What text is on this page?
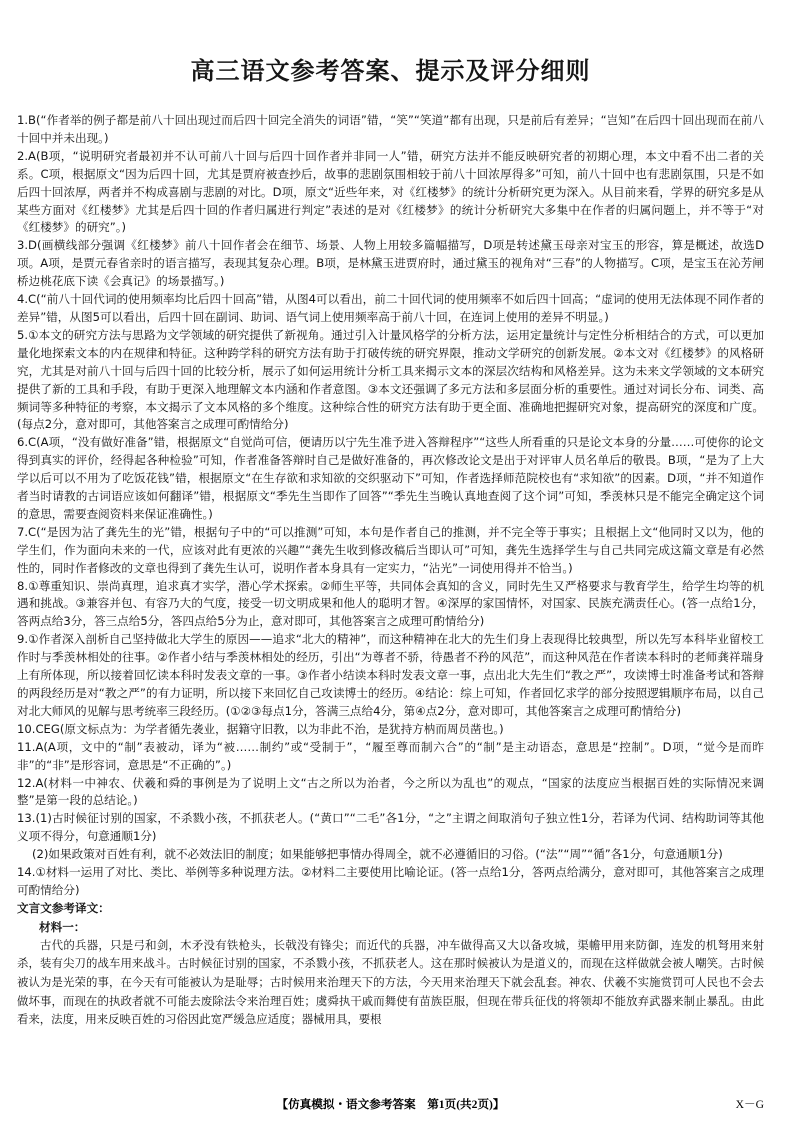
高三语文参考答案、提示及评分细则

1.B(“作者举的例子都是前八十回出现过而后四十回完全消失的词语”错，“笑”“笑道”都有出现，只是前后有差异；“岂知”在后四十回出现而在前八十回中并未出现。)

2.A(B项，“说明研究者最初并不认可前八十回与后四十回作者并非同一人”错，研究方法并不能反映研究者的初期心理，本文中看不出二者的关系。C项，根据原文“因为后四十回，尤其是贾府被查抄后，故事的悲剧氛围相较于前八十回浓厚得多”可知，前八十回中也有悲剧氛围，只是不如后四十回浓厚，两者并不构成喜剧与悲剧的对比。D项，原文“近些年来，对《红楼梦》的统计分析研究更为深入。从目前来看，学界的研究多是从某些方面对《红楼梦》尤其是后四十回的作者归属进行判定”表述的是对《红楼梦》的统计分析研究大多集中在作者的归属问题上，并不等于“对《红楼梦》的研究”。)

3.D(画横线部分强调《红楼梦》前八十回作者会在细节、场景、人物上用较多篇幅描写，D项是转述黛玉母亲对宝玉的形容，算是概述，故选D项。A项，是贾元春省亲时的语言描写，表现其复杂心理。B项，是林黛玉进贾府时，通过黛玉的视角对“三春”的人物描写。C项，是宝玉在沁芳闸桥边桃花底下读《会真记》的场景描写。)

4.C(“前八十回代词的使用频率均比后四十回高”错，从图4可以看出，前二十回代词的使用频率不如后四十回高；“虚词的使用无法体现不同作者的差异”错，从图5可以看出，后四十回在副词、助词、语气词上使用频率高于前八十回，在连词上使用的差异不明显。)

5.①本文的研究方法与思路为文学领域的研究提供了新视角。通过引入计量风格学的分析方法，运用定量统计与定性分析相结合的方式，可以更加量化地探索文本的内在规律和特征。这种跨学科的研究方法有助于打破传统的研究界限，推动文学研究的创新发展。②本文对《红楼梦》的风格研究，尤其是对前八十回与后四十回的比较分析，展示了如何运用统计分析工具来揭示文本的深层次结构和风格差异。这为未来文学领域的文本研究提供了新的工具和手段，有助于更深入地理解文本内涵和作者意图。③本文还强调了多元方法和多层面分析的重要性。通过对词长分布、词类、高频词等多种特征的考察，本文揭示了文本风格的多个维度。这种综合性的研究方法有助于更全面、准确地把握研究对象，提高研究的深度和广度。(每点2分，意对即可，其他答案言之成理可酌情给分)

6.C(A项，“没有做好准备”错，根据原文“自觉尚可信，便请历以宁先生准予进入答辩程序”“这些人所看重的只是论文本身的分量……可使你的论文得到真实的评价，经得起各种检验”可知，作者准备答辩时自己是做好准备的，再次修改论文是出于对评审人员名单后的敬畏。B项，“是为了上大学以后可以不用为了吃饭花钱”错，根据原文“在生存欲和求知欲的交织驱动下”可知，作者选择师范院校也有“求知欲”的因素。D项，“并不知道作者当时请教的古词语应该如何翻译”错，根据原文“季先生当即作了回答”“季先生当晚认真地查阅了这个词”可知，季羡林只是不能完全确定这个词的意思，需要查阅资料来保证准确性。)

7.C(“是因为沾了龚先生的光”错，根据句子中的“可以推测”可知，本句是作者自己的推测，并不完全等于事实；且根据上文“他同时又以为，他的学生们，作为面向未来的一代，应该对此有更浓的兴趣”“龚先生收到修改稿后当即认可”可知，龚先生选择学生与自己共同完成这篇文章是有必然性的，同时作者修改的文章也得到了龚先生认可，说明作者本身具有一定实力，“沾光”一词使用得并不恰当。)

8.①尊重知识、崇尚真理，追求真才实学，潜心学术探索。②师生平等，共同体会真知的含义，同时先生又严格要求与教育学生，给学生均等的机遇和挑战。③兼容并包、有容乃大的气度，接受一切文明成果和他人的聪明才智。④深厚的家国情怀，对国家、民族充满责任心。(答一点给1分，答两点给3分，答三点给5分，答四点给5分为止，意对即可，其他答案言之成理可酌情给分)

9.①作者深入剖析自己坚持做北大学生的原因——追求“北大的精神”，而这种精神在北大的先生们身上表现得比较典型，所以先写本科毕业留校工作时与季羡林相处的往事。②作者小结与季羡林相处的经历，引出“为尊者不骄，待愚者不矜的风范”，而这种风范在作者读本科时的老师龚祥瑞身上有所体现，所以接着回忆读本科时发表文章的一事。③作者小结读本科时发表文章一事，点出北大先生们“教之严”，攻读博士时准备考试和答辩的两段经历是对“教之严”的有力证明，所以接下来回忆自己攻读博士的经历。④结论：综上可知，作者回忆求学的部分按照逻辑顺序布局，以自己对北大师风的见解与思考统率三段经历。(①②③每点1分，答满三点给4分，第④点2分，意对即可，其他答案言之成理可酌情给分)

10.CEG(原文标点为：为学者循先袭业，据籍守旧教，以为非此不治，是犹持方枘而周员凿也。)

11.A(A项，文中的“制”表被动，译为“被……制约”或“受制于”，“履至尊而制六合”的“制”是主动语态，意思是“控制”。D项，“觉今是而昨非”的“非”是形容词，意思是“不正确的”。)

12.A(材料一中神农、伏羲和舜的事例是为了说明上文“古之所以为治者，今之所以为乱也”的观点，“国家的法度应当根据百姓的实际情况来调整”是第一段的总结论。)

13.(1)古时候征讨别的国家，不杀戮小孩，不抓获老人。(“黄口”“二毛”各1分，“之”主谓之间取消句子独立性1分，若译为代词、结构助词等其他义项不得分，句意通顺1分)

(2)如果政策对百姓有利，就不必效法旧的制度；如果能够把事情办得周全，就不必遵循旧的习俗。(“法”“周”“循”各1分，句意通顺1分)

14.①材料一运用了对比、类比、举例等多种说理方法。②材料二主要使用比喻论证。(答一点给1分，答两点给满分，意对即可，其他答案言之成理可酌情给分)

文言文参考译文：

材料一：

古代的兵器，只是弓和剑，木矛没有铁枪头，长戟没有锋尖；而近代的兵器，冲车做得高又大以备攻城，渠幨甲用来防御，连发的机弩用来射杀，装有尖刀的战车用来战斗。古时候征讨别的国家，不杀戮小孩，不抓获老人。这在那时候被认为是道义的，而现在这样做就会被人嘲笑。古时候被认为是光荣的事，在今天有可能被认为是耻辱；古时候用来治理天下的方法，今天用来治理天下就会乱套。神农、伏羲不实施赏罚可人民也不会去做坏事，而现在的执政者就不可能去废除法令来治理百姓；虞舜执干戚而舞使有苗族臣服，但现在带兵征伐的将领却不能放弃武器来制止暴乱。由此看来，法度，用来反映百姓的习俗因此宽严缓急应适度；器械用具，要根

【仿真模拟・语文参考答案　第1页(共2页)】	X－G
